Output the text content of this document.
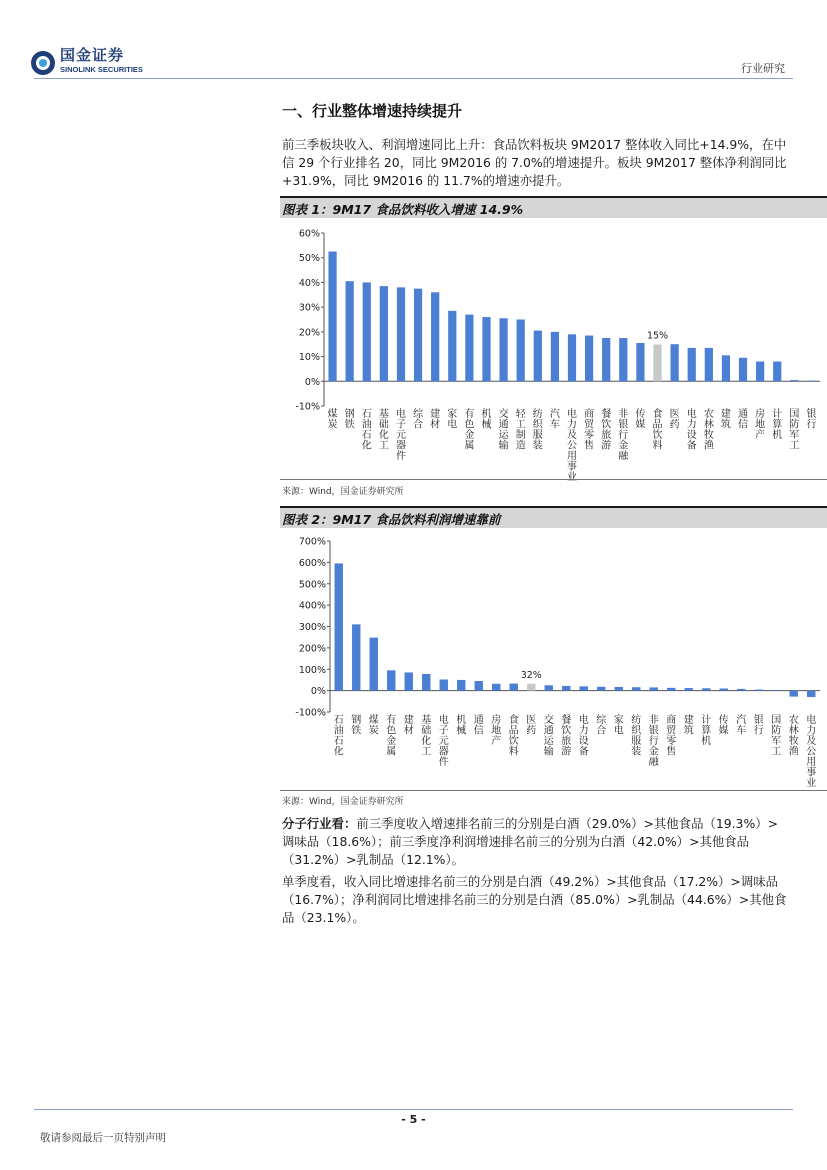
国金证券
SINOLINK SECURITIES	行业研究
一、行业整体增速持续提升
前三季板块收入、利润增速同比上升：食品饮料板块 9M2017 整体收入同比+14.9%，在中信 29 个行业排名 20，同比 9M2016 的 7.0%的增速提升。板块 9M2017 整体净利润同比+31.9%，同比 9M2016 的 11.7%的增速亦提升。
图表 1：9M17 食品饮料收入增速 14.9%
-10%
0%
10%
20%
30%
40%
50%
60%
煤炭
钢铁
石油石化
基础化工
电子元器件
综合
建材
家电
有色金属
机械
交通运输
轻工制造
纺织服装
汽车
电力及公用事业
商贸零售
餐饮旅游
非银行金融
传媒
15%
食品饮料
医药
电力设备
农林牧渔
建筑
通信
房地产
计算机
国防军工
银行
来源：Wind，国金证券研究所
图表 2：9M17 食品饮料利润增速靠前
-100%
0%
100%
200%
300%
400%
500%
600%
700%
石油石化
钢铁
煤炭
有色金属
建材
基础化工
电子元器件
机械
通信
房地产
食品饮料
32%
医药
交通运输
餐饮旅游
电力设备
综合
家电
纺织服装
非银行金融
商贸零售
建筑
计算机
传媒
汽车
银行
国防军工
农林牧渔
电力及公用事业
来源：Wind，国金证券研究所
分子行业看：前三季度收入增速排名前三的分别是白酒（29.0%）>其他食品（19.3%）>调味品（18.6%）；前三季度净利润增速排名前三的分别为白酒（42.0%）>其他食品（31.2%）>乳制品（12.1%）。
单季度看，收入同比增速排名前三的分别是白酒（49.2%）>其他食品（17.2%）>调味品（16.7%）；净利润同比增速排名前三的分别是白酒（85.0%）>乳制品（44.6%）>其他食品（23.1%）。
- 5 -
敬请参阅最后一页特别声明
